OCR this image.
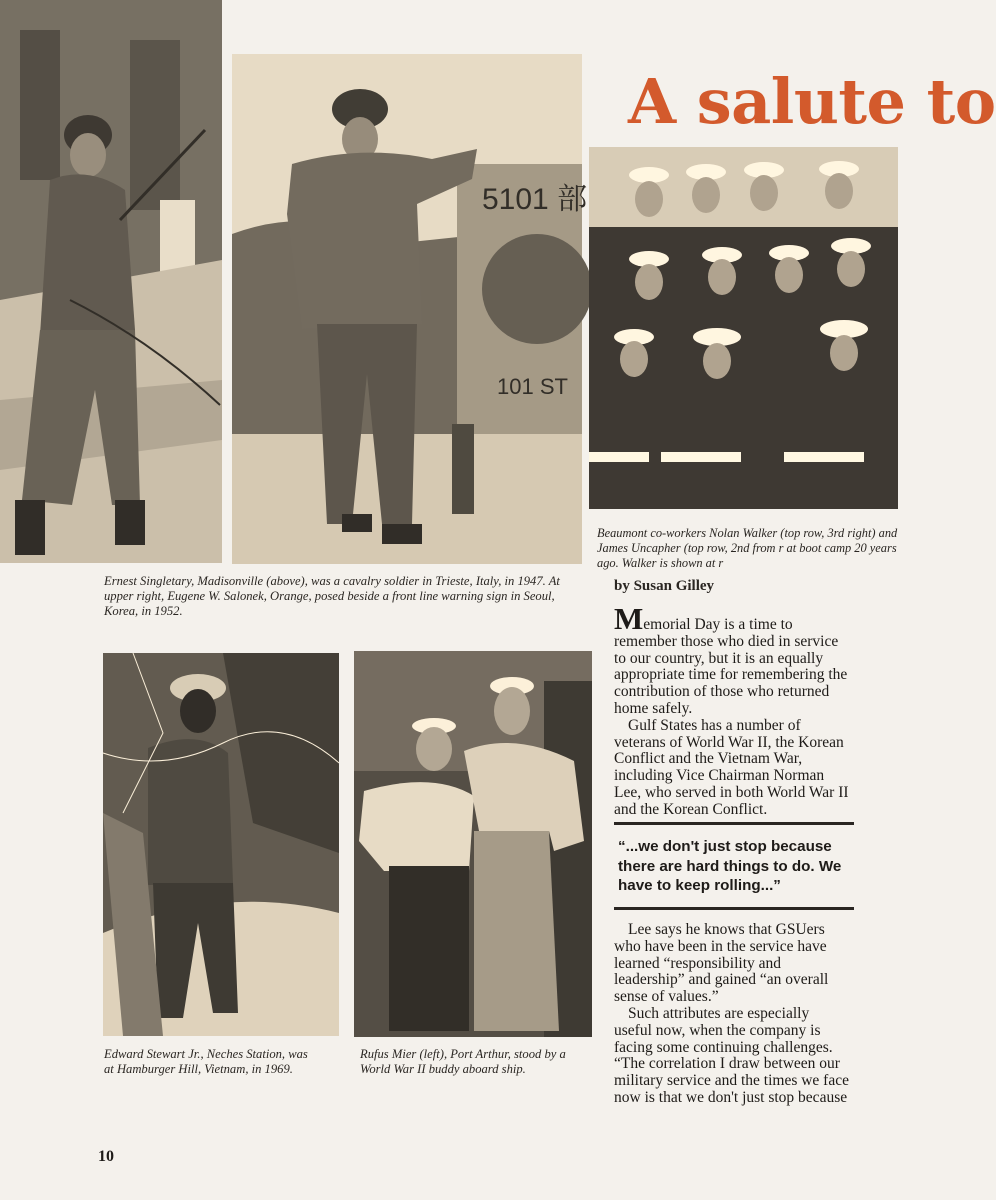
5101 部
101 ST
A salute to
Ernest Singletary, Madisonville (above), was a cavalry soldier in Trieste, Italy, in 1947. At upper right, Eugene W. Salonek, Orange, posed beside a front line warning sign in Seoul, Korea, in 1952.
Beaumont co-workers Nolan Walker (top row, 3rd right) and James Uncapher (top row, 2nd from r at boot camp 20 years ago. Walker is shown at r
Edward Stewart Jr., Neches Station, was at Hamburger Hill, Vietnam, in 1969.
Rufus Mier (left), Port Arthur, stood by a World War II buddy aboard ship.

by Susan Gilley

Memorial Day is a time to remember those who died in service to our country, but it is an equally appropriate time for remembering the contribution of those who returned home safely.

Gulf States has a number of veterans of World War II, the Korean Conflict and the Vietnam War, including Vice Chairman Norman Lee, who served in both World War II and the Korean Conflict.

“...we don't just stop because there are hard things to do. We have to keep rolling...”

Lee says he knows that GSUers who have been in the service have learned “responsibility and leadership” and gained “an overall sense of values.”

Such attributes are especially useful now, when the company is facing some continuing challenges. “The correlation I draw between our military service and the times we face now is that we don't just stop because

10
